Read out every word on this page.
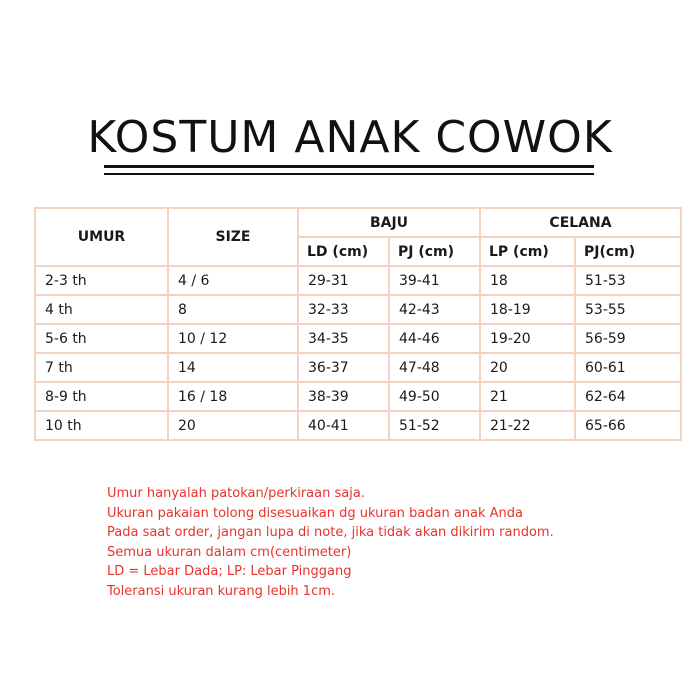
KOSTUM ANAK COWOK
UMUR	SIZE	BAJU		CELANA	
		LD (cm)	PJ (cm)	LP (cm)	PJ(cm)
2-3 th	4 / 6	29-31	39-41	18	51-53
4 th	8	32-33	42-43	18-19	53-55
5-6 th	10 / 12	34-35	44-46	19-20	56-59
7 th	14	36-37	47-48	20	60-61
8-9 th	16 / 18	38-39	49-50	21	62-64
10 th	20	40-41	51-52	21-22	65-66
Umur hanyalah patokan/perkiraan saja.
Ukuran pakaian tolong disesuaikan dg ukuran badan anak Anda
Pada saat order, jangan lupa di note, jika tidak akan dikirim random.
Semua ukuran dalam cm(centimeter)
LD = Lebar Dada; LP: Lebar Pinggang
Toleransi ukuran kurang lebih 1cm.
